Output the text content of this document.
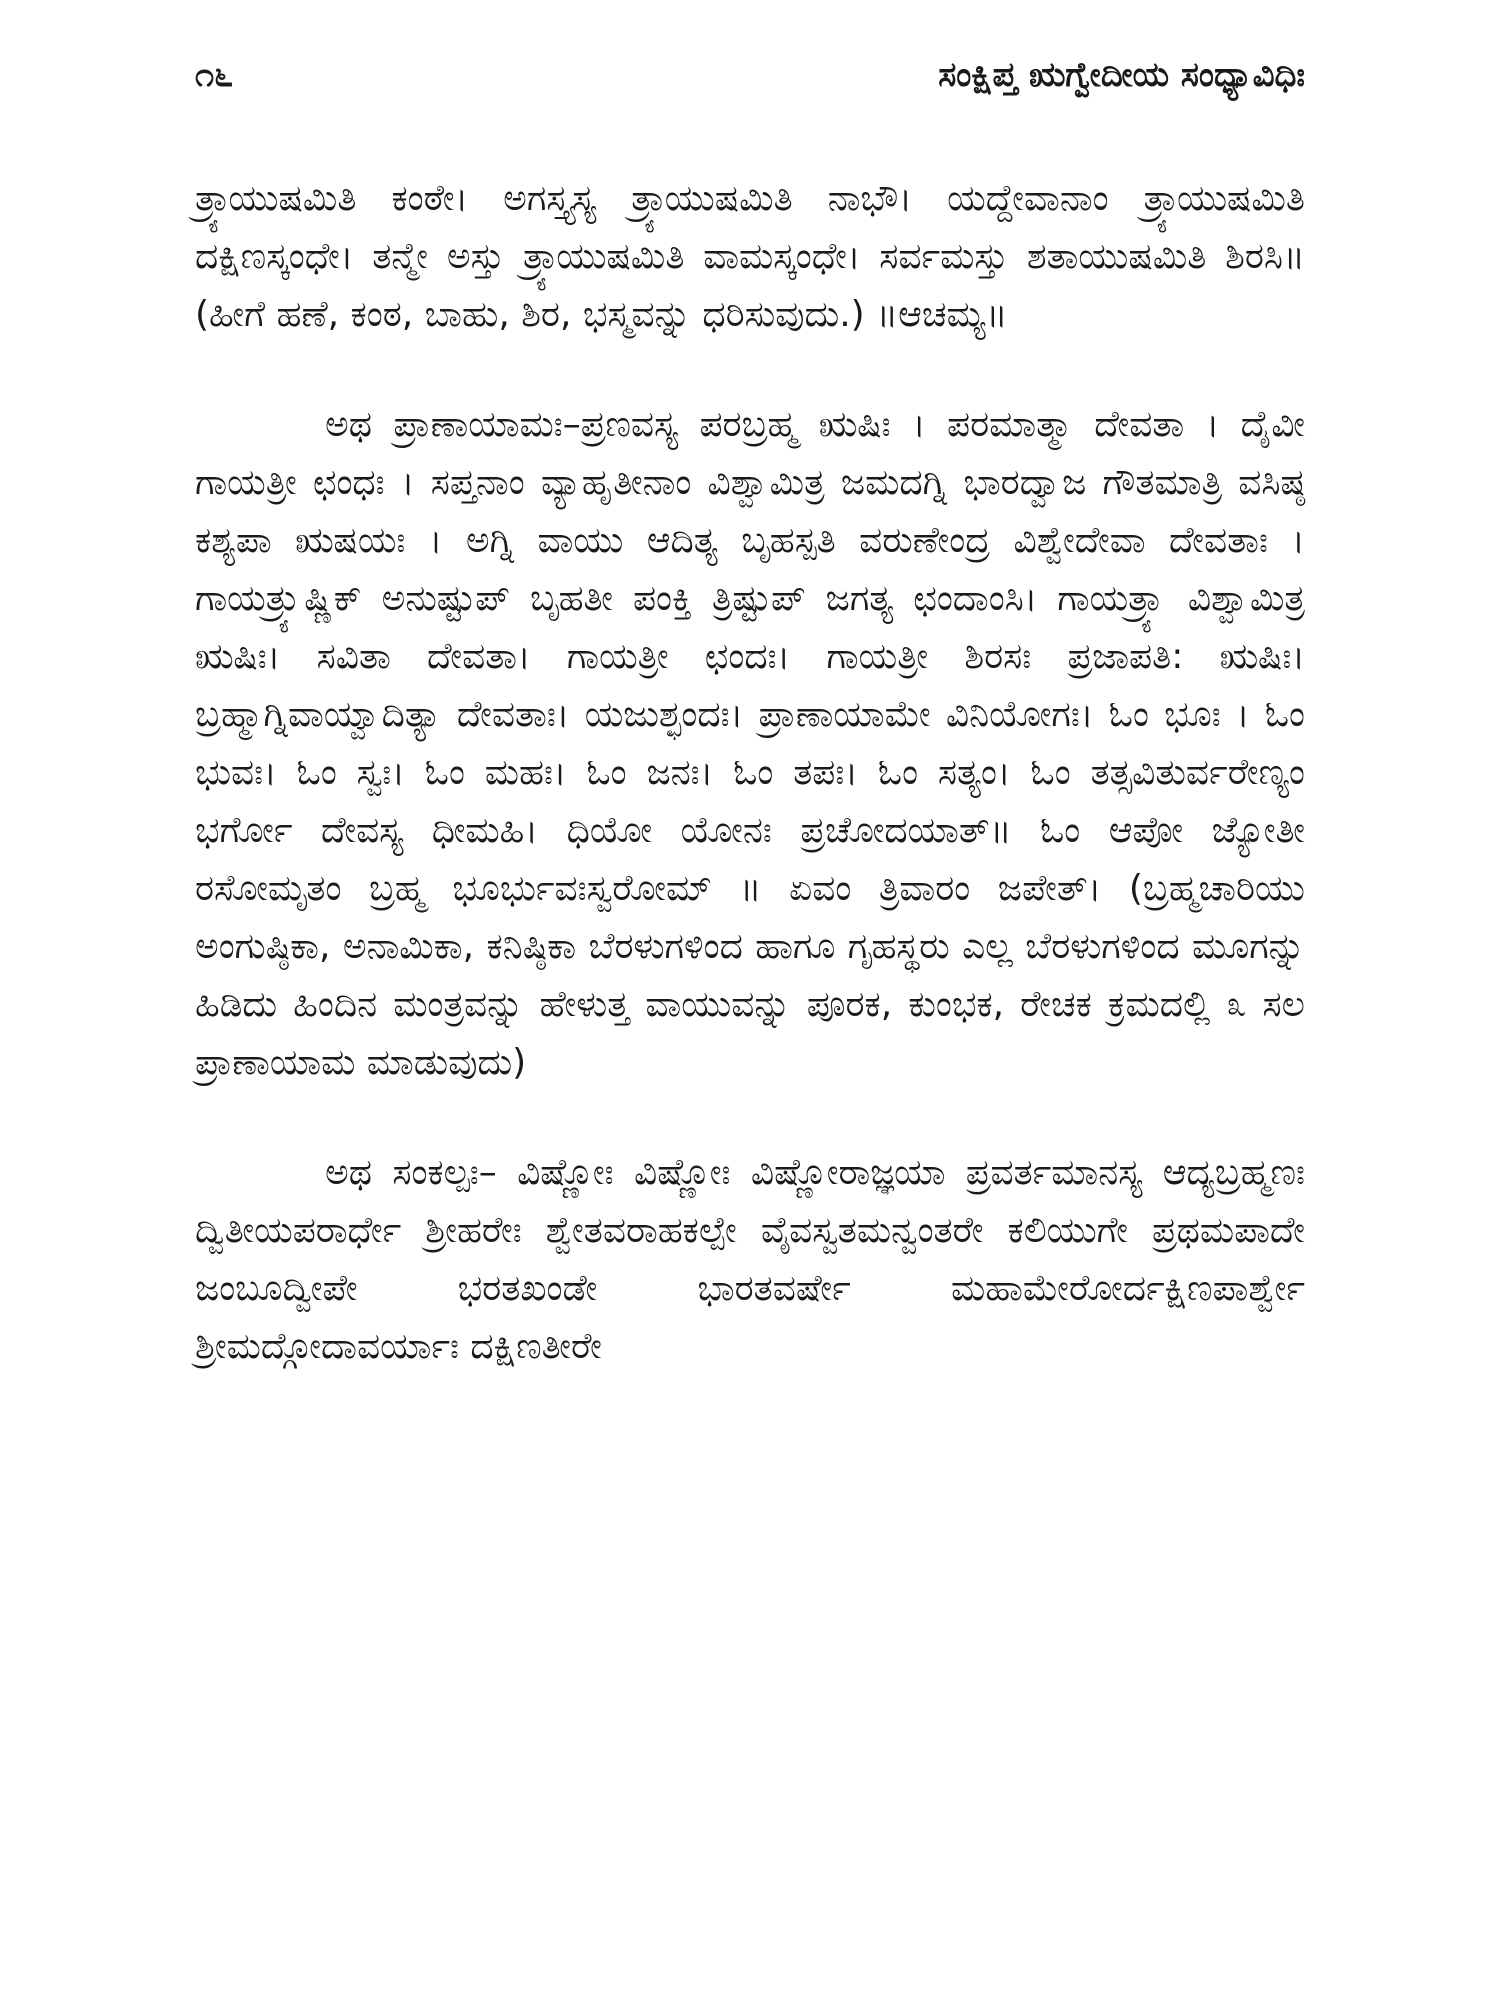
೧೬	ಸಂಕ್ಷಿಪ್ತ ಋಗ್ವೇದೀಯ ಸಂಧ್ಯಾವಿಧಿಃ

ತ್ರ್ಯಾಯುಷಮಿತಿ ಕಂಠೇ। ಅಗಸ್ತ್ಯಸ್ಯ ತ್ರ್ಯಾಯುಷಮಿತಿ ನಾಭೌ। ಯದ್ದೇವಾನಾಂ ತ್ರ್ಯಾಯುಷಮಿತಿ ದಕ್ಷಿಣಸ್ಕಂಧೇ। ತನ್ಮೇ ಅಸ್ತು ತ್ರ್ಯಾಯುಷಮಿತಿ ವಾಮಸ್ಕಂಧೇ। ಸರ್ವಮಸ್ತು ಶತಾಯುಷಮಿತಿ ಶಿರಸಿ॥ (ಹೀಗೆ ಹಣೆ, ಕಂಠ, ಬಾಹು, ಶಿರ, ಭಸ್ಮವನ್ನು ಧರಿಸುವುದು.) ॥ಆಚಮ್ಯ॥

ಅಥ ಪ್ರಾಣಾಯಾಮಃ–ಪ್ರಣವಸ್ಯ ಪರಬ್ರಹ್ಮ ಋಷಿಃ । ಪರಮಾತ್ಮಾ ದೇವತಾ । ದೈವೀ ಗಾಯತ್ರೀ ಛಂಧಃ । ಸಪ್ತನಾಂ ವ್ಯಾಹೃತೀನಾಂ ವಿಶ್ವಾಮಿತ್ರ ಜಮದಗ್ನಿ ಭಾರದ್ವಾಜ ಗೌತಮಾತ್ರಿ ವಸಿಷ್ಠ ಕಶ್ಯಪಾ ಋಷಯಃ । ಅಗ್ನಿ ವಾಯು ಆದಿತ್ಯ ಬೃಹಸ್ಪತಿ ವರುಣೇಂದ್ರ ವಿಶ್ವೇದೇವಾ ದೇವತಾಃ । ಗಾಯತ್ರ್ಯುಷ್ಣಿಕ್ ಅನುಷ್ಟುಪ್ ಬೃಹತೀ ಪಂಕ್ತಿ ತ್ರಿಷ್ಟುಪ್ ಜಗತ್ಯ ಛಂದಾಂಸಿ। ಗಾಯತ್ರ್ಯಾ ವಿಶ್ವಾಮಿತ್ರ ಋಷಿಃ। ಸವಿತಾ ದೇವತಾ। ಗಾಯತ್ರೀ ಛಂದಃ। ಗಾಯತ್ರೀ ಶಿರಸಃ ಪ್ರಜಾಪತಿ: ಋಷಿಃ। ಬ್ರಹ್ಮಾಗ್ನಿವಾಯ್ವಾದಿತ್ಯಾ ದೇವತಾಃ। ಯಜುಶ್ಛಂದಃ। ಪ್ರಾಣಾಯಾಮೇ ವಿನಿಯೋಗಃ। ಓಂ ಭೂಃ । ಓಂ ಭುವಃ। ಓಂ ಸ್ವಃ। ಓಂ ಮಹಃ। ಓಂ ಜನಃ। ಓಂ ತಪಃ। ಓಂ ಸತ್ಯಂ। ಓಂ ತತ್ಸವಿತುರ್ವರೇಣ್ಯಂ ಭರ್ಗೋ ದೇವಸ್ಯ ಧೀಮಹಿ। ಧಿಯೋ ಯೋನಃ ಪ್ರಚೋದಯಾತ್॥ ಓಂ ಆಪೋ ಜ್ಯೋತೀ ರಸೋಮೃತಂ ಬ್ರಹ್ಮ ಭೂರ್ಭುವಃಸ್ವರೋಮ್ ॥ ಏವಂ ತ್ರಿವಾರಂ ಜಪೇತ್। (ಬ್ರಹ್ಮಚಾರಿಯು ಅಂಗುಷ್ಠಿಕಾ, ಅನಾಮಿಕಾ, ಕನಿಷ್ಠಿಕಾ ಬೆರಳುಗಳಿಂದ ಹಾಗೂ ಗೃಹಸ್ಥರು ಎಲ್ಲ ಬೆರಳುಗಳಿಂದ ಮೂಗನ್ನು ಹಿಡಿದು ಹಿಂದಿನ ಮಂತ್ರವನ್ನು ಹೇಳುತ್ತ ವಾಯುವನ್ನು ಪೂರಕ, ಕುಂಭಕ, ರೇಚಕ ಕ್ರಮದಲ್ಲಿ ೩ ಸಲ ಪ್ರಾಣಾಯಾಮ ಮಾಡುವುದು)

ಅಥ ಸಂಕಲ್ಪಃ– ವಿಷ್ಣೋಃ ವಿಷ್ಣೋಃ ವಿಷ್ಣೋರಾಜ್ಞಯಾ ಪ್ರವರ್ತಮಾನಸ್ಯ ಆದ್ಯಬ್ರಹ್ಮಣಃ ದ್ವಿತೀಯಪರಾರ್ಧೇ ಶ್ರೀಹರೇಃ ಶ್ವೇತವರಾಹಕಲ್ಪೇ ವೈವಸ್ವತಮನ್ವಂತರೇ ಕಲಿಯುಗೇ ಪ್ರಥಮಪಾದೇ ಜಂಬೂದ್ವೀಪೇ ಭರತಖಂಡೇ ಭಾರತವರ್ಷೇ ಮಹಾಮೇರೋರ್ದಕ್ಷಿಣಪಾರ್ಶ್ವೇ ಶ್ರೀಮದ್ಗೋದಾವರ್ಯಾಃ ದಕ್ಷಿಣತೀರೇ
